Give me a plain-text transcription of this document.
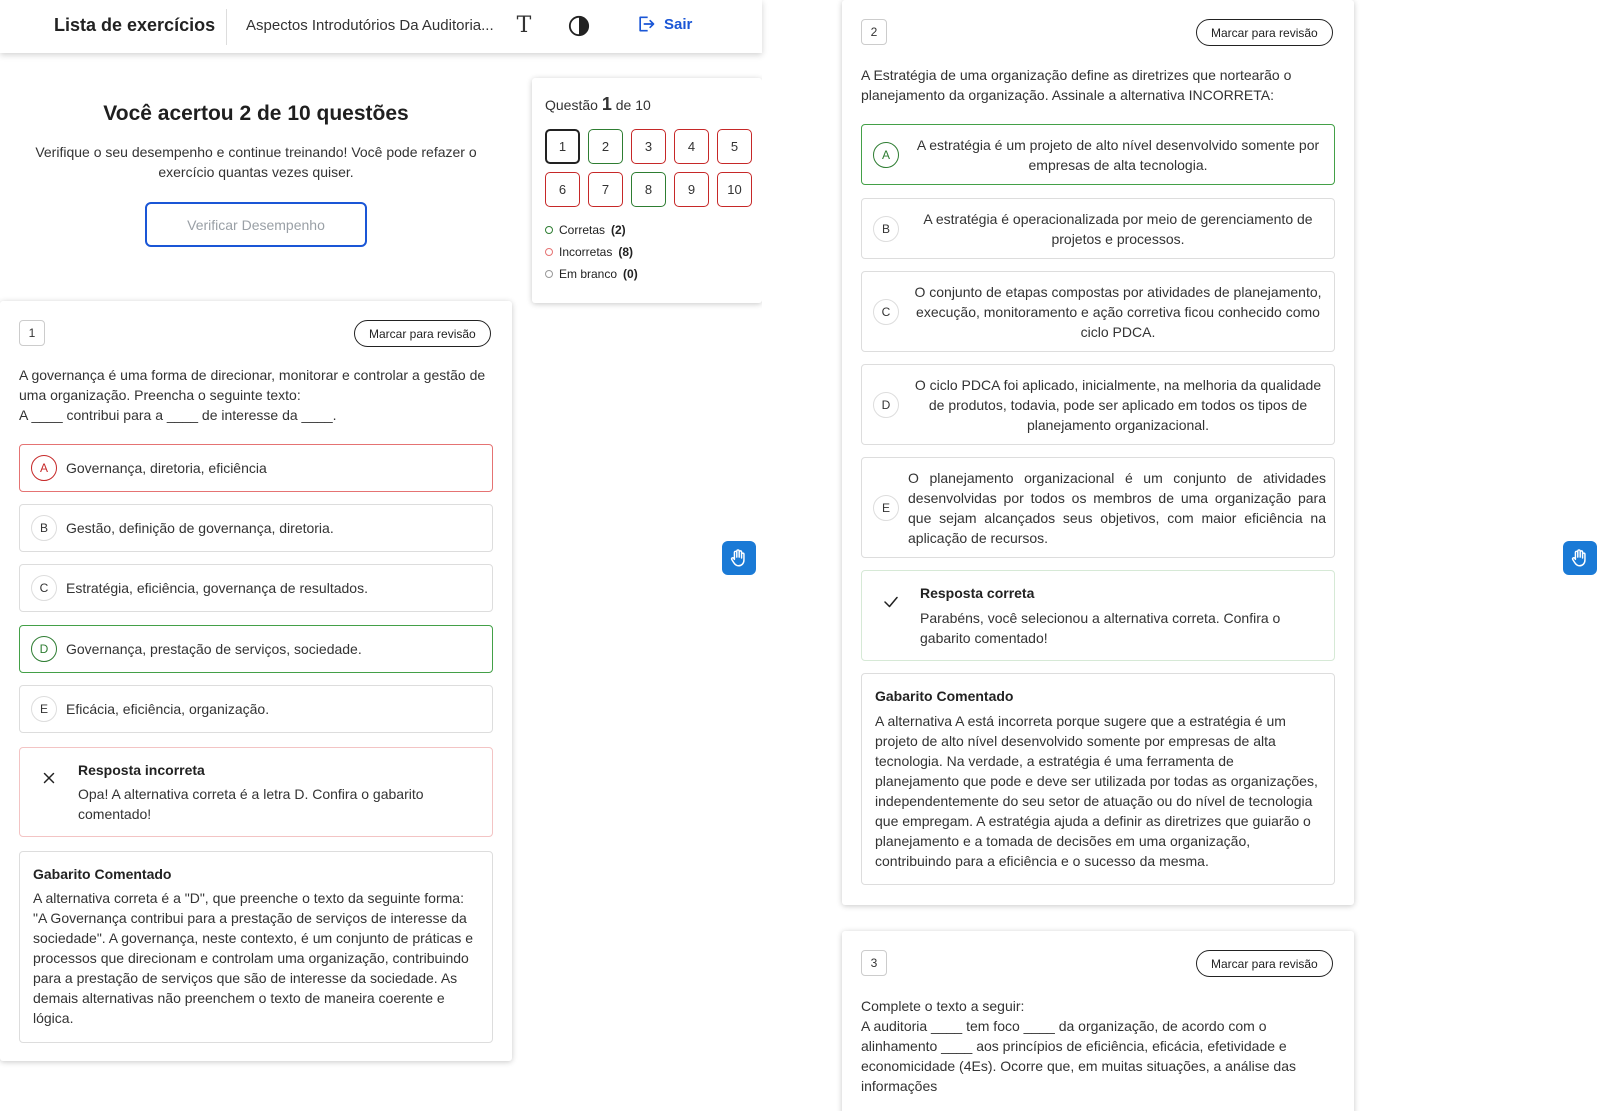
Lista de exercícios Aspectos Introdutórios Da Auditoria... T	Sair
Você acertou 2 de 10 questões
Verifique o seu desempenho e continue treinando! Você pode refazer o exercício quantas vezes quiser.
Verificar Desempenho
Questão 1 de 10
1	2	3	4	5
6	7	8	9	10
Corretas (2)
Incorretas (8)
Em branco (0)
1	Marcar para revisão
A governança é uma forma de direcionar, monitorar e controlar a gestão de uma organização. Preencha o seguinte texto:
A ____ contribui para a ____ de interesse da ____.
A	Governança, diretoria, eficiência
B	Gestão, definição de governança, diretoria.
C	Estratégia, eficiência, governança de resultados.
D	Governança, prestação de serviços, sociedade.
E	Eficácia, eficiência, organização.
Resposta incorreta
Opa! A alternativa correta é a letra D. Confira o gabarito comentado!
Gabarito Comentado
A alternativa correta é a "D", que preenche o texto da seguinte forma: "A Governança contribui para a prestação de serviços de interesse da sociedade". A governança, neste contexto, é um conjunto de práticas e processos que direcionam e controlam uma organização, contribuindo para a prestação de serviços que são de interesse da sociedade. As demais alternativas não preenchem o texto de maneira coerente e lógica.
2	Marcar para revisão
A Estratégia de uma organização define as diretrizes que nortearão o planejamento da organização. Assinale a alternativa INCORRETA:
A
A estratégia é um projeto de alto nível desenvolvido somente por empresas de alta tecnologia.
B
A estratégia é operacionalizada por meio de gerenciamento de projetos e processos.
C
O conjunto de etapas compostas por atividades de planejamento, execução, monitoramento e ação corretiva ficou conhecido como ciclo PDCA.
D
O ciclo PDCA foi aplicado, inicialmente, na melhoria da qualidade de produtos, todavia, pode ser aplicado em todos os tipos de planejamento organizacional.
E
O planejamento organizacional é um conjunto de atividades desenvolvidas por todos os membros de uma organização para que sejam alcançados seus objetivos, com maior eficiência na aplicação de recursos.
Resposta correta
Parabéns, você selecionou a alternativa correta. Confira o gabarito comentado!
Gabarito Comentado
A alternativa A está incorreta porque sugere que a estratégia é um projeto de alto nível desenvolvido somente por empresas de alta tecnologia. Na verdade, a estratégia é uma ferramenta de planejamento que pode e deve ser utilizada por todas as organizações, independentemente do seu setor de atuação ou do nível de tecnologia que empregam. A estratégia ajuda a definir as diretrizes que guiarão o planejamento e a tomada de decisões em uma organização, contribuindo para a eficiência e o sucesso da mesma.
3	Marcar para revisão
Complete o texto a seguir:
A auditoria ____ tem foco ____ da organização, de acordo com o alinhamento ____ aos princípios de eficiência, eficácia, efetividade e economicidade (4Es). Ocorre que, em muitas situações, a análise das informações
